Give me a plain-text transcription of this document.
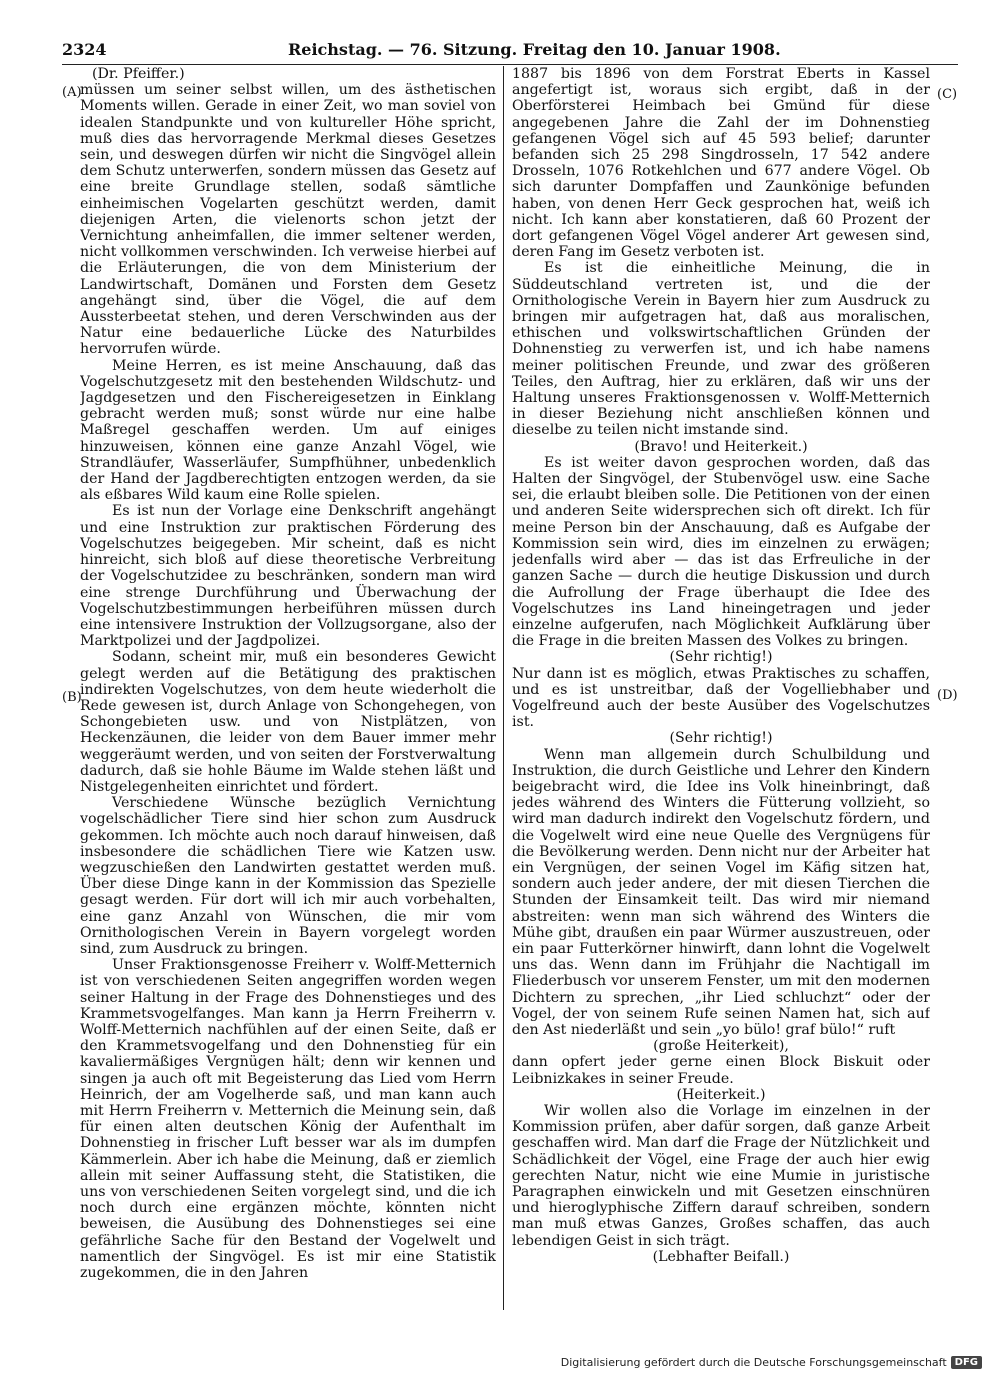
2324	Reichstag. — 76. Sitzung. Freitag den 10. Januar 1908.
(A)
(B)
(C)
(D)

(Dr. Pfeiffer.)

müssen um seiner selbst willen, um des ästhetischen Moments willen. Gerade in einer Zeit, wo man soviel von idealen Standpunkte und von kultureller Höhe spricht, muß dies das hervorragende Merkmal dieses Gesetzes sein, und deswegen dürfen wir nicht die Singvögel allein dem Schutz unterwerfen, sondern müssen das Gesetz auf eine breite Grundlage stellen, sodaß sämtliche einheimischen Vogelarten geschützt werden, damit diejenigen Arten, die vielenorts schon jetzt der Vernichtung anheimfallen, die immer seltener werden, nicht vollkommen verschwinden. Ich verweise hierbei auf die Erläuterungen, die von dem Ministerium der Landwirtschaft, Domänen und Forsten dem Gesetz angehängt sind, über die Vögel, die auf dem Aussterbeetat stehen, und deren Verschwinden aus der Natur eine bedauerliche Lücke des Naturbildes hervorrufen würde.

Meine Herren, es ist meine Anschauung, daß das Vogelschutzgesetz mit den bestehenden Wildschutz- und Jagdgesetzen und den Fischereigesetzen in Einklang gebracht werden muß; sonst würde nur eine halbe Maßregel geschaffen werden. Um auf einiges hinzuweisen, können eine ganze Anzahl Vögel, wie Strandläufer, Wasserläufer, Sumpfhühner, unbedenklich der Hand der Jagdberechtigten entzogen werden, da sie als eßbares Wild kaum eine Rolle spielen.

Es ist nun der Vorlage eine Denkschrift angehängt und eine Instruktion zur praktischen Förderung des Vogelschutzes beigegeben. Mir scheint, daß es nicht hinreicht, sich bloß auf diese theoretische Verbreitung der Vogelschutzidee zu beschränken, sondern man wird eine strenge Durchführung und Überwachung der Vogelschutzbestimmungen herbeiführen müssen durch eine intensivere Instruktion der Vollzugsorgane, also der Marktpolizei und der Jagdpolizei.

Sodann, scheint mir, muß ein besonderes Gewicht gelegt werden auf die Betätigung des praktischen indirekten Vogelschutzes, von dem heute wiederholt die Rede gewesen ist, durch Anlage von Schongehegen, von Schongebieten usw. und von Nistplätzen, von Heckenzäunen, die leider von dem Bauer immer mehr weggeräumt werden, und von seiten der Forstverwaltung dadurch, daß sie hohle Bäume im Walde stehen läßt und Nistgelegenheiten einrichtet und fördert.

Verschiedene Wünsche bezüglich Vernichtung vogelschädlicher Tiere sind hier schon zum Ausdruck gekommen. Ich möchte auch noch darauf hinweisen, daß insbesondere die schädlichen Tiere wie Katzen usw. wegzuschießen den Landwirten gestattet werden muß. Über diese Dinge kann in der Kommission das Spezielle gesagt werden. Für dort will ich mir auch vorbehalten, eine ganz Anzahl von Wünschen, die mir vom Ornithologischen Verein in Bayern vorgelegt worden sind, zum Ausdruck zu bringen.

Unser Fraktionsgenosse Freiherr v. Wolff-Metternich ist von verschiedenen Seiten angegriffen worden wegen seiner Haltung in der Frage des Dohnenstieges und des Krammetsvogelfanges. Man kann ja Herrn Freiherrn v. Wolff-Metternich nachfühlen auf der einen Seite, daß er den Krammetsvogelfang und den Dohnenstieg für ein kavaliermäßiges Vergnügen hält; denn wir kennen und singen ja auch oft mit Begeisterung das Lied vom Herrn Heinrich, der am Vogelherde saß, und man kann auch mit Herrn Freiherrn v. Metternich die Meinung sein, daß für einen alten deutschen König der Aufenthalt im Dohnenstieg in frischer Luft besser war als im dumpfen Kämmerlein. Aber ich habe die Meinung, daß er ziemlich allein mit seiner Auffassung steht, die Statistiken, die uns von verschiedenen Seiten vorgelegt sind, und die ich noch durch eine ergänzen möchte, könnten nicht beweisen, die Ausübung des Dohnenstieges sei eine gefährliche Sache für den Bestand der Vogelwelt und namentlich der Singvögel. Es ist mir eine Statistik zugekommen, die in den Jahren

1887 bis 1896 von dem Forstrat Eberts in Kassel angefertigt ist, woraus sich ergibt, daß in der Oberförsterei Heimbach bei Gmünd für diese angegebenen Jahre die Zahl der im Dohnenstieg gefangenen Vögel sich auf 45 593 belief; darunter befanden sich 25 298 Singdrosseln, 17 542 andere Drosseln, 1076 Rotkehlchen und 677 andere Vögel. Ob sich darunter Dompfaffen und Zaunkönige befunden haben, von denen Herr Geck gesprochen hat, weiß ich nicht. Ich kann aber konstatieren, daß 60 Prozent der dort gefangenen Vögel Vögel anderer Art gewesen sind, deren Fang im Gesetz verboten ist.

Es ist die einheitliche Meinung, die in Süddeutschland vertreten ist, und die der Ornithologische Verein in Bayern hier zum Ausdruck zu bringen mir aufgetragen hat, daß aus moralischen, ethischen und volkswirtschaftlichen Gründen der Dohnenstieg zu verwerfen ist, und ich habe namens meiner politischen Freunde, und zwar des größeren Teiles, den Auftrag, hier zu erklären, daß wir uns der Haltung unseres Fraktionsgenossen v. Wolff-Metternich in dieser Beziehung nicht anschließen können und dieselbe zu teilen nicht imstande sind.

(Bravo! und Heiterkeit.)

Es ist weiter davon gesprochen worden, daß das Halten der Singvögel, der Stubenvögel usw. eine Sache sei, die erlaubt bleiben solle. Die Petitionen von der einen und anderen Seite widersprechen sich oft direkt. Ich für meine Person bin der Anschauung, daß es Aufgabe der Kommission sein wird, dies im einzelnen zu erwägen; jedenfalls wird aber — das ist das Erfreuliche in der ganzen Sache — durch die heutige Diskussion und durch die Aufrollung der Frage überhaupt die Idee des Vogelschutzes ins Land hineingetragen und jeder einzelne aufgerufen, nach Möglichkeit Aufklärung über die Frage in die breiten Massen des Volkes zu bringen.

(Sehr richtig!)

Nur dann ist es möglich, etwas Praktisches zu schaffen, und es ist unstreitbar, daß der Vogelliebhaber und Vogelfreund auch der beste Ausüber des Vogelschutzes ist.

(Sehr richtig!)

Wenn man allgemein durch Schulbildung und Instruktion, die durch Geistliche und Lehrer den Kindern beigebracht wird, die Idee ins Volk hineinbringt, daß jedes während des Winters die Fütterung vollzieht, so wird man dadurch indirekt den Vogelschutz fördern, und die Vogelwelt wird eine neue Quelle des Vergnügens für die Bevölkerung werden. Denn nicht nur der Arbeiter hat ein Vergnügen, der seinen Vogel im Käfig sitzen hat, sondern auch jeder andere, der mit diesen Tierchen die Stunden der Einsamkeit teilt. Das wird mir niemand abstreiten: wenn man sich während des Winters die Mühe gibt, draußen ein paar Würmer auszustreuen, oder ein paar Futterkörner hinwirft, dann lohnt die Vogelwelt uns das. Wenn dann im Frühjahr die Nachtigall im Fliederbusch vor unserem Fenster, um mit den modernen Dichtern zu sprechen, „ihr Lied schluchzt“ oder der Vogel, der von seinem Rufe seinen Namen hat, sich auf den Ast niederläßt und sein „yo bülo! graf bülo!“ ruft

(große Heiterkeit),

dann opfert jeder gerne einen Block Biskuit oder Leibnizkakes in seiner Freude.

(Heiterkeit.)

Wir wollen also die Vorlage im einzelnen in der Kommission prüfen, aber dafür sorgen, daß ganze Arbeit geschaffen wird. Man darf die Frage der Nützlichkeit und Schädlichkeit der Vögel, eine Frage der auch hier ewig gerechten Natur, nicht wie eine Mumie in juristische Paragraphen einwickeln und mit Gesetzen einschnüren und hieroglyphische Ziffern darauf schreiben, sondern man muß etwas Ganzes, Großes schaffen, das auch lebendigen Geist in sich trägt.

(Lebhafter Beifall.)

Digitalisierung gefördert durch die Deutsche Forschungsgemeinschaft DFG
